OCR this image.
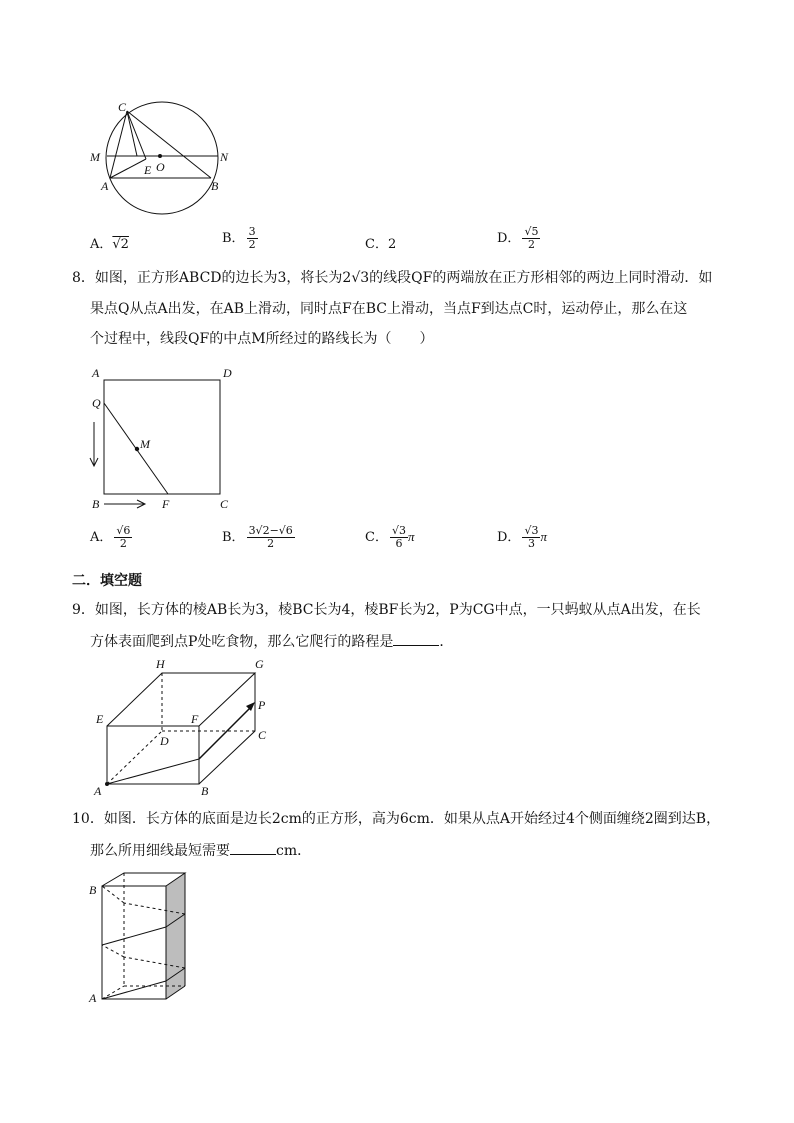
C
M	N
E O
A	B
A．√2	B． $\frac{3}{2}$	C．2	D． $\frac{√5}{2}$
8．如图，正方形ABCD的边长为3，将长为2√3的线段QF的两端放在正方形相邻的两边上同时滑动．如
果点Q从点A出发，在AB上滑动，同时点F在BC上滑动，当点F到达点C时，运动停止，那么在这
个过程中，线段QF的中点M所经过的路线长为（　　）
A	D
Q
M
B	F	C
A． $\frac{√6}{2}$	B． $\frac{3√2-√6}{2}$	C． $\frac{√3}{6}$ π	D． $\frac{√3}{3}$ π
二．填空题
9．如图，长方体的棱AB长为3，棱BC长为4，棱BF长为2，P为CG中点，一只蚂蚁从点A出发，在长
方体表面爬到点P处吃食物，那么它爬行的路程是	．
H	G
E	F
P
D	C
A	B
10．如图．长方体的底面是边长2cm的正方形，高为6cm．如果从点A开始经过4个侧面缠绕2圈到达B，
那么所用细线最短需要	cm．
B
A
